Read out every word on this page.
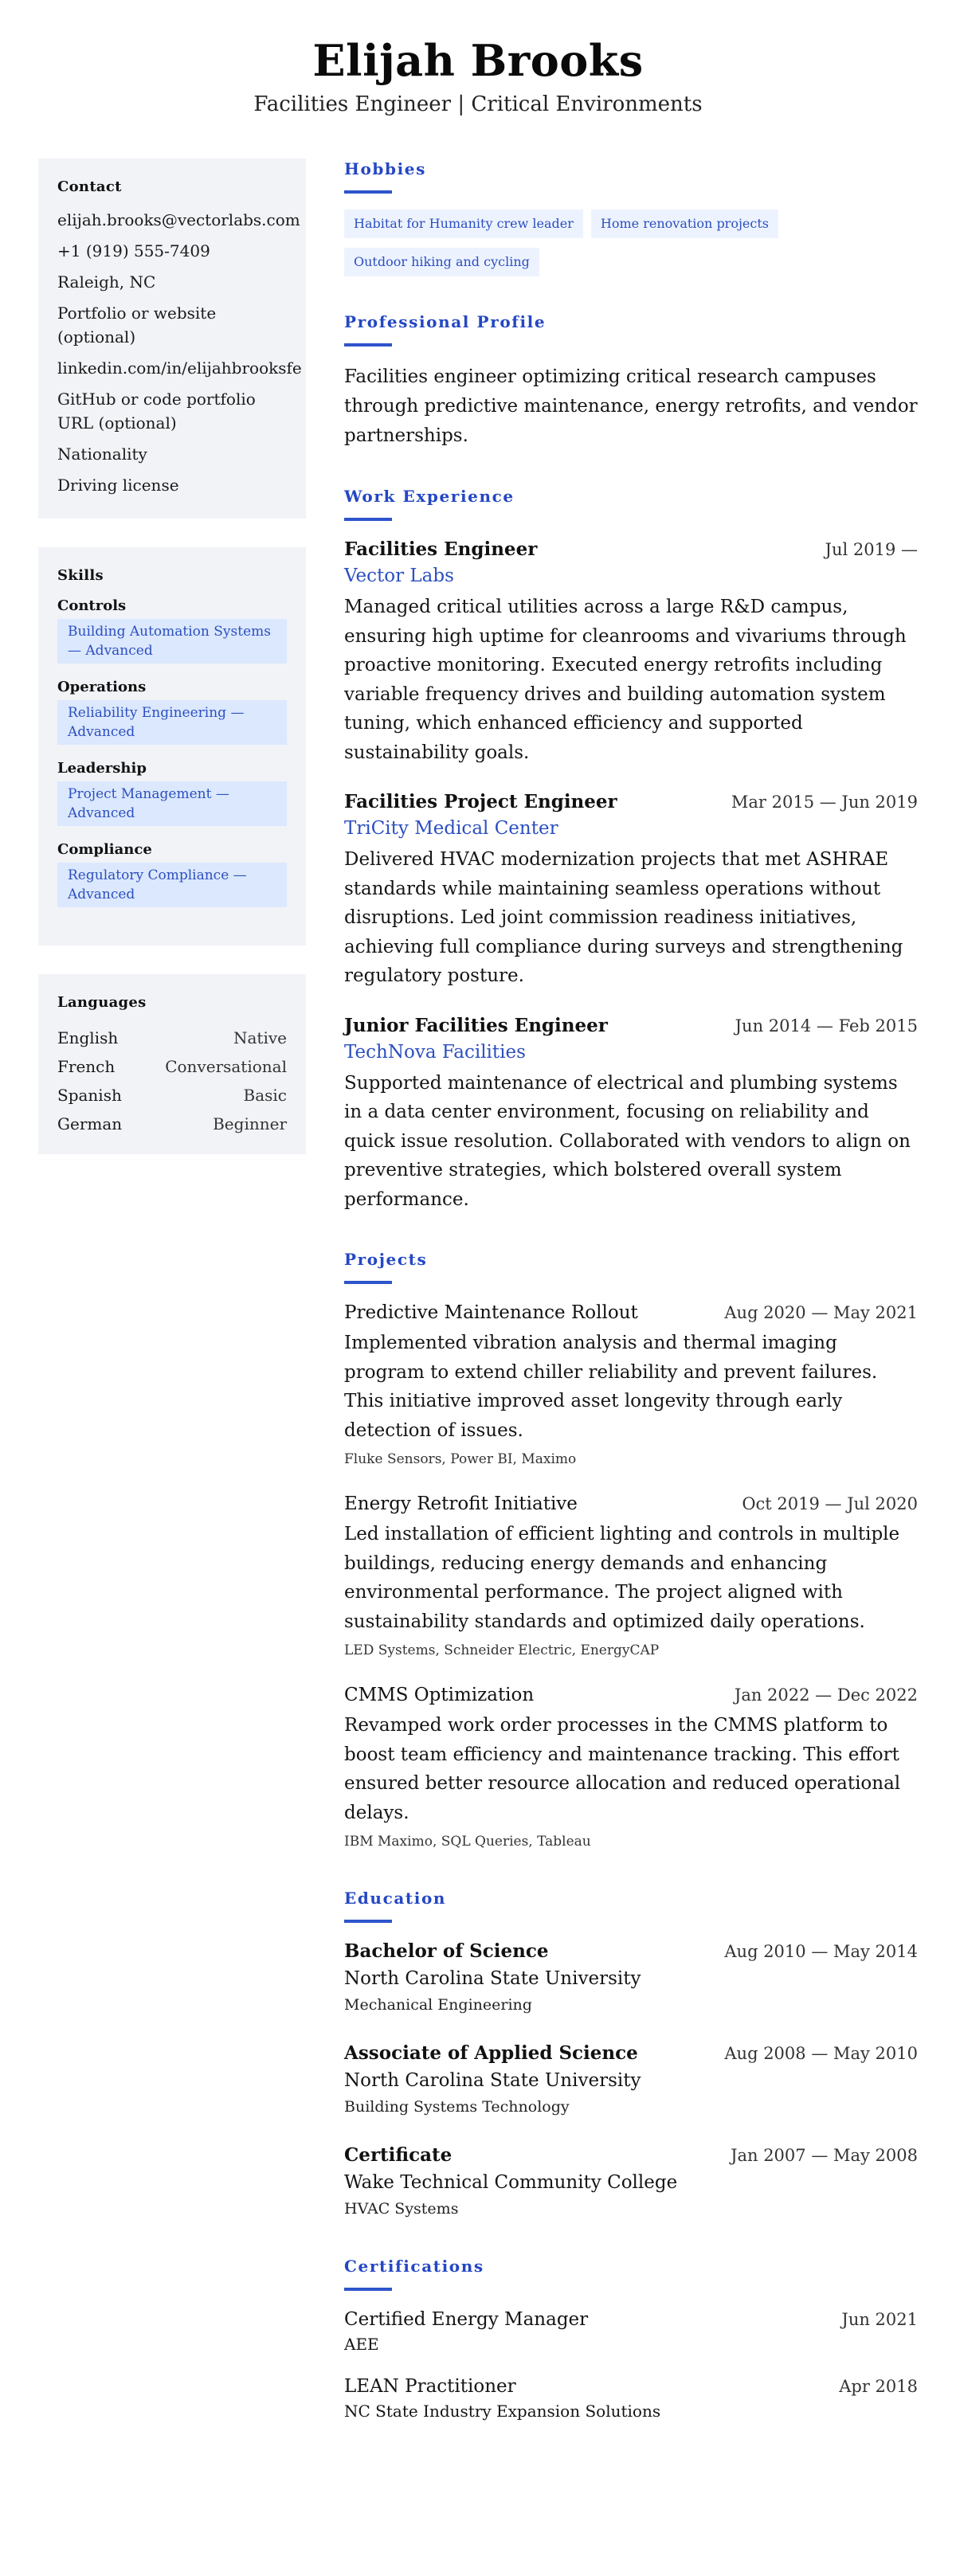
Elijah Brooks
Facilities Engineer | Critical Environments
Contact
elijah.brooks@vectorlabs.com
+1 (919) 555-7409
Raleigh, NC
Portfolio or website (optional)
linkedin.com/in/elijahbrooksfe
GitHub or code portfolio URL (optional)
Nationality
Driving license
Skills
Controls
Building Automation Systems — Advanced
Operations
Reliability Engineering — Advanced
Leadership
Project Management — Advanced
Compliance
Regulatory Compliance — Advanced
Languages
English	Native
French	Conversational
Spanish	Basic
German	Beginner
Hobbies
Habitat for Humanity crew leader	Home renovation projects
Outdoor hiking and cycling
Professional Profile

Facilities engineer optimizing critical research campuses through predictive maintenance, energy retrofits, and vendor partnerships.

Work Experience
Facilities Engineer	Jul 2019 —
Vector Labs

Managed critical utilities across a large R&D campus, ensuring high uptime for cleanrooms and vivariums through proactive monitoring. Executed energy retrofits including variable frequency drives and building automation system tuning, which enhanced efficiency and supported sustainability goals.

Facilities Project Engineer	Mar 2015 — Jun 2019
TriCity Medical Center

Delivered HVAC modernization projects that met ASHRAE standards while maintaining seamless operations without disruptions. Led joint commission readiness initiatives, achieving full compliance during surveys and strengthening regulatory posture.

Junior Facilities Engineer	Jun 2014 — Feb 2015
TechNova Facilities

Supported maintenance of electrical and plumbing systems in a data center environment, focusing on reliability and quick issue resolution. Collaborated with vendors to align on preventive strategies, which bolstered overall system performance.

Projects
Predictive Maintenance Rollout	Aug 2020 — May 2021

Implemented vibration analysis and thermal imaging program to extend chiller reliability and prevent failures. This initiative improved asset longevity through early detection of issues.

Fluke Sensors, Power BI, Maximo
Energy Retrofit Initiative	Oct 2019 — Jul 2020

Led installation of efficient lighting and controls in multiple buildings, reducing energy demands and enhancing environmental performance. The project aligned with sustainability standards and optimized daily operations.

LED Systems, Schneider Electric, EnergyCAP
CMMS Optimization	Jan 2022 — Dec 2022

Revamped work order processes in the CMMS platform to boost team efficiency and maintenance tracking. This effort ensured better resource allocation and reduced operational delays.

IBM Maximo, SQL Queries, Tableau
Education
Bachelor of Science	Aug 2010 — May 2014
North Carolina State University
Mechanical Engineering
Associate of Applied Science	Aug 2008 — May 2010
North Carolina State University
Building Systems Technology
Certificate	Jan 2007 — May 2008
Wake Technical Community College
HVAC Systems
Certifications
Certified Energy Manager	Jun 2021
AEE
LEAN Practitioner	Apr 2018
NC State Industry Expansion Solutions
